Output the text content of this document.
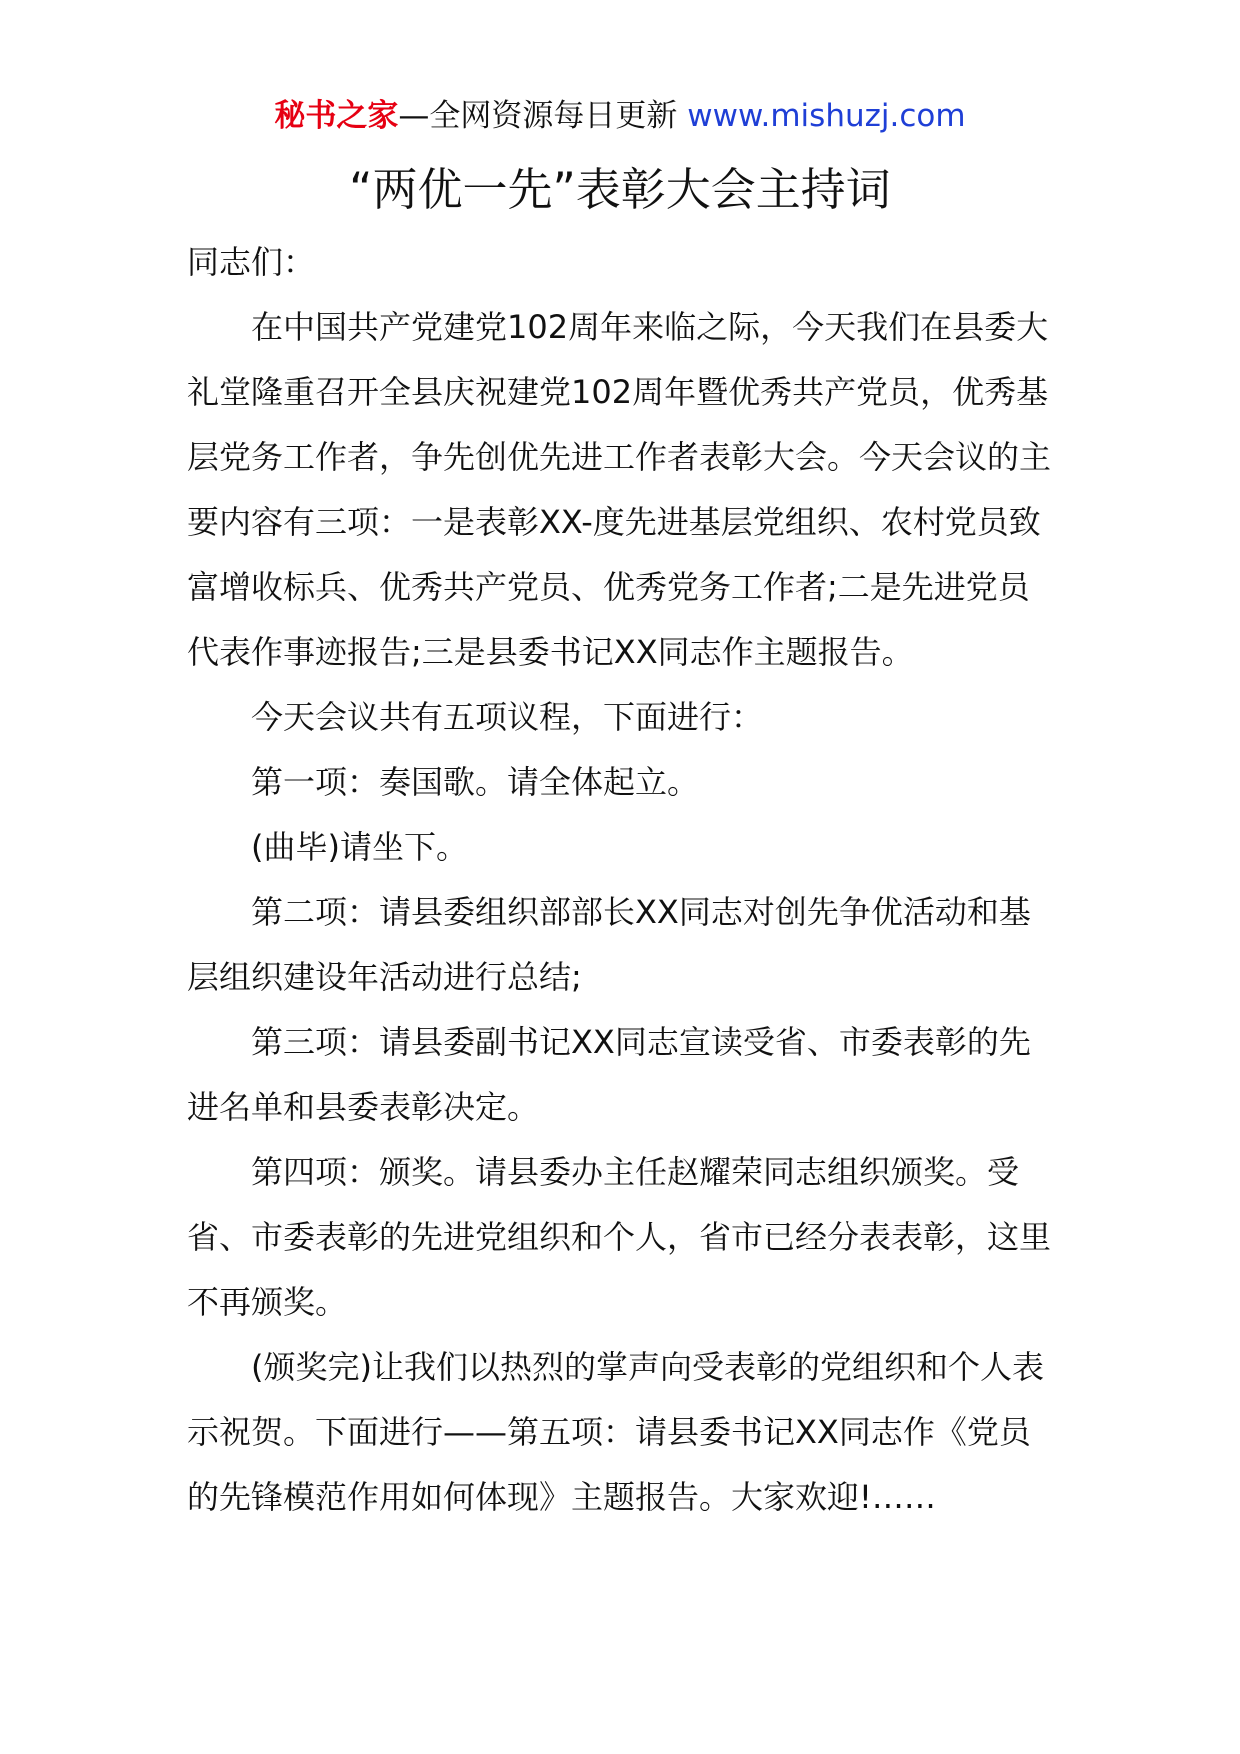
秘书之家—全网资源每日更新 www.mishuzj.com
“两优一先”表彰大会主持词

同志们：

在中国共产党建党102周年来临之际，今天我们在县委大礼堂隆重召开全县庆祝建党102周年暨优秀共产党员，优秀基层党务工作者，争先创优先进工作者表彰大会。今天会议的主要内容有三项：一是表彰XX-度先进基层党组织、农村党员致富增收标兵、优秀共产党员、优秀党务工作者;二是先进党员代表作事迹报告;三是县委书记XX同志作主题报告。

今天会议共有五项议程，下面进行：

第一项：奏国歌。请全体起立。

(曲毕)请坐下。

第二项：请县委组织部部长XX同志对创先争优活动和基层组织建设年活动进行总结;

第三项：请县委副书记XX同志宣读受省、市委表彰的先进名单和县委表彰决定。

第四项：颁奖。请县委办主任赵耀荣同志组织颁奖。受省、市委表彰的先进党组织和个人，省市已经分表表彰，这里不再颁奖。

(颁奖完)让我们以热烈的掌声向受表彰的党组织和个人表示祝贺。下面进行——第五项：请县委书记XX同志作《党员的先锋模范作用如何体现》主题报告。大家欢迎!……
